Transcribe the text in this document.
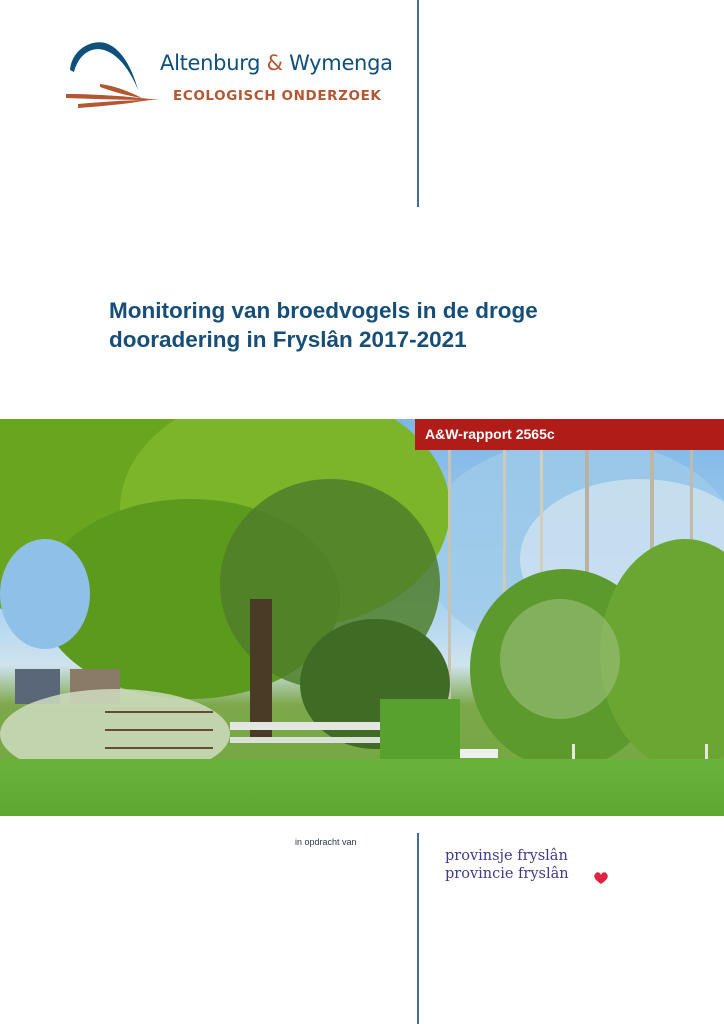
Altenburg & Wymenga
ECOLOGISCH ONDERZOEK
Monitoring van broedvogels in de droge
dooradering in Fryslân 2017-2021
A&W-rapport 2565c
in opdracht van
provinsje fryslân
provincie fryslân
